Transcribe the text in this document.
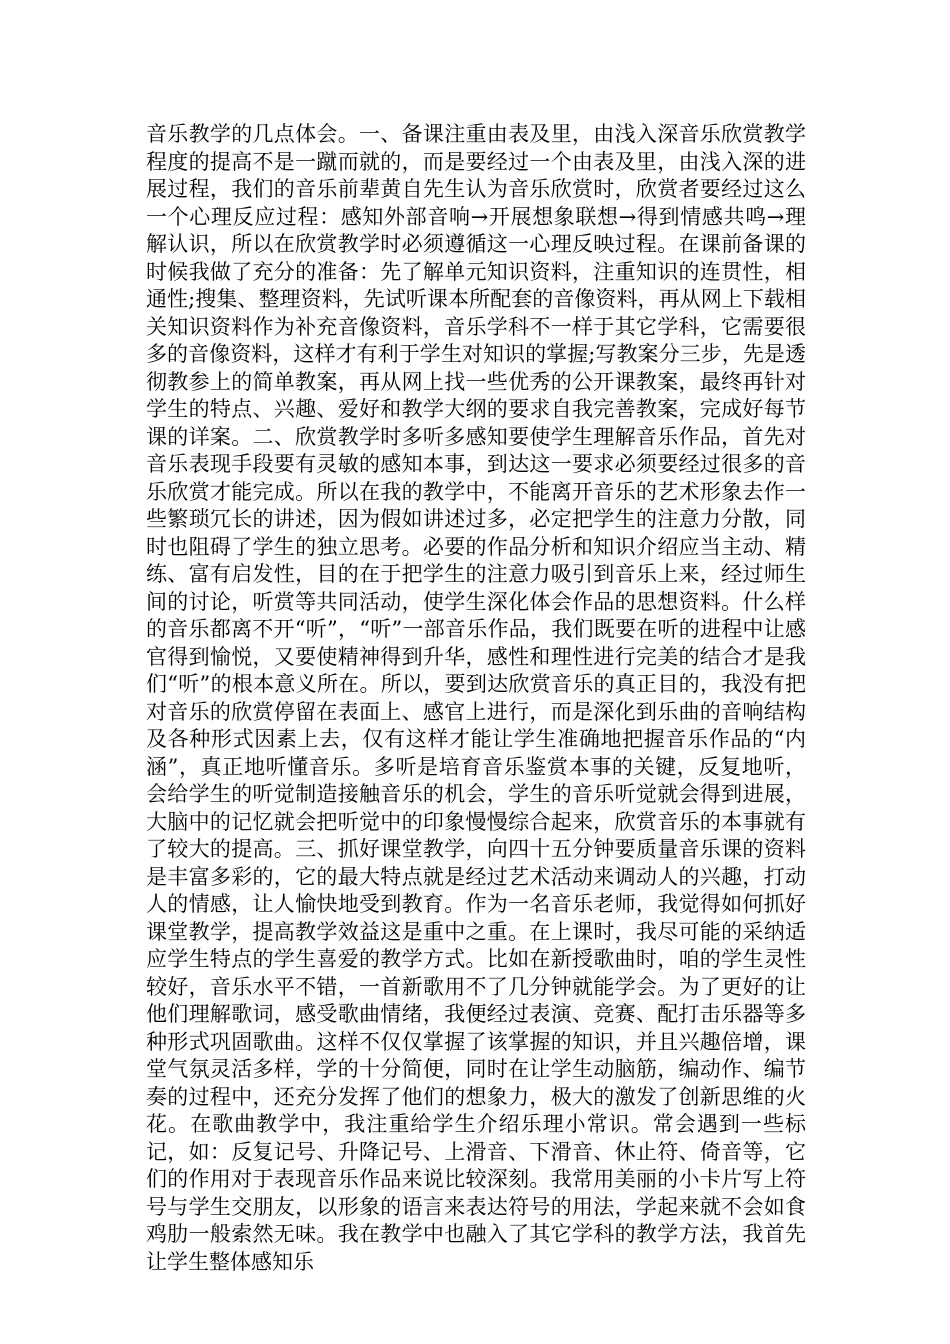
音乐教学的几点体会。一、备课注重由表及里，由浅入深音乐欣赏教学程度的提高不是一蹴而就的，而是要经过一个由表及里，由浅入深的进展过程，我们的音乐前辈黄自先生认为音乐欣赏时，欣赏者要经过这么一个心理反应过程：感知外部音响→开展想象联想→得到情感共鸣→理解认识，所以在欣赏教学时必须遵循这一心理反映过程。在课前备课的时候我做了充分的准备：先了解单元知识资料，注重知识的连贯性，相通性;搜集、整理资料，先试听课本所配套的音像资料，再从网上下载相关知识资料作为补充音像资料，音乐学科不一样于其它学科，它需要很多的音像资料，这样才有利于学生对知识的掌握;写教案分三步，先是透彻教参上的简单教案，再从网上找一些优秀的公开课教案，最终再针对学生的特点、兴趣、爱好和教学大纲的要求自我完善教案，完成好每节课的详案。二、欣赏教学时多听多感知要使学生理解音乐作品，首先对音乐表现手段要有灵敏的感知本事，到达这一要求必须要经过很多的音乐欣赏才能完成。所以在我的教学中，不能离开音乐的艺术形象去作一些繁琐冗长的讲述，因为假如讲述过多，必定把学生的注意力分散，同时也阻碍了学生的独立思考。必要的作品分析和知识介绍应当主动、精练、富有启发性，目的在于把学生的注意力吸引到音乐上来，经过师生间的讨论，听赏等共同活动，使学生深化体会作品的思想资料。什么样的音乐都离不开“听”，“听”一部音乐作品，我们既要在听的进程中让感官得到愉悦，又要使精神得到升华，感性和理性进行完美的结合才是我们“听”的根本意义所在。所以，要到达欣赏音乐的真正目的，我没有把对音乐的欣赏停留在表面上、感官上进行，而是深化到乐曲的音响结构及各种形式因素上去，仅有这样才能让学生准确地把握音乐作品的“内涵”，真正地听懂音乐。多听是培育音乐鉴赏本事的关键，反复地听，会给学生的听觉制造接触音乐的机会，学生的音乐听觉就会得到进展，大脑中的记忆就会把听觉中的印象慢慢综合起来，欣赏音乐的本事就有了较大的提高。三、抓好课堂教学，向四十五分钟要质量音乐课的资料是丰富多彩的，它的最大特点就是经过艺术活动来调动人的兴趣，打动人的情感，让人愉快地受到教育。作为一名音乐老师，我觉得如何抓好课堂教学，提高教学效益这是重中之重。在上课时，我尽可能的采纳适应学生特点的学生喜爱的教学方式。比如在新授歌曲时，咱的学生灵性较好，音乐水平不错，一首新歌用不了几分钟就能学会。为了更好的让他们理解歌词，感受歌曲情绪，我便经过表演、竞赛、配打击乐器等多种形式巩固歌曲。这样不仅仅掌握了该掌握的知识，并且兴趣倍增，课堂气氛灵活多样，学的十分简便，同时在让学生动脑筋，编动作、编节奏的过程中，还充分发挥了他们的想象力，极大的激发了创新思维的火花。在歌曲教学中，我注重给学生介绍乐理小常识。常会遇到一些标记，如：反复记号、升降记号、上滑音、下滑音、休止符、倚音等，它们的作用对于表现音乐作品来说比较深刻。我常用美丽的小卡片写上符号与学生交朋友，以形象的语言来表达符号的用法，学起来就不会如食鸡肋一般索然无味。我在教学中也融入了其它学科的教学方法，我首先让学生整体感知乐
